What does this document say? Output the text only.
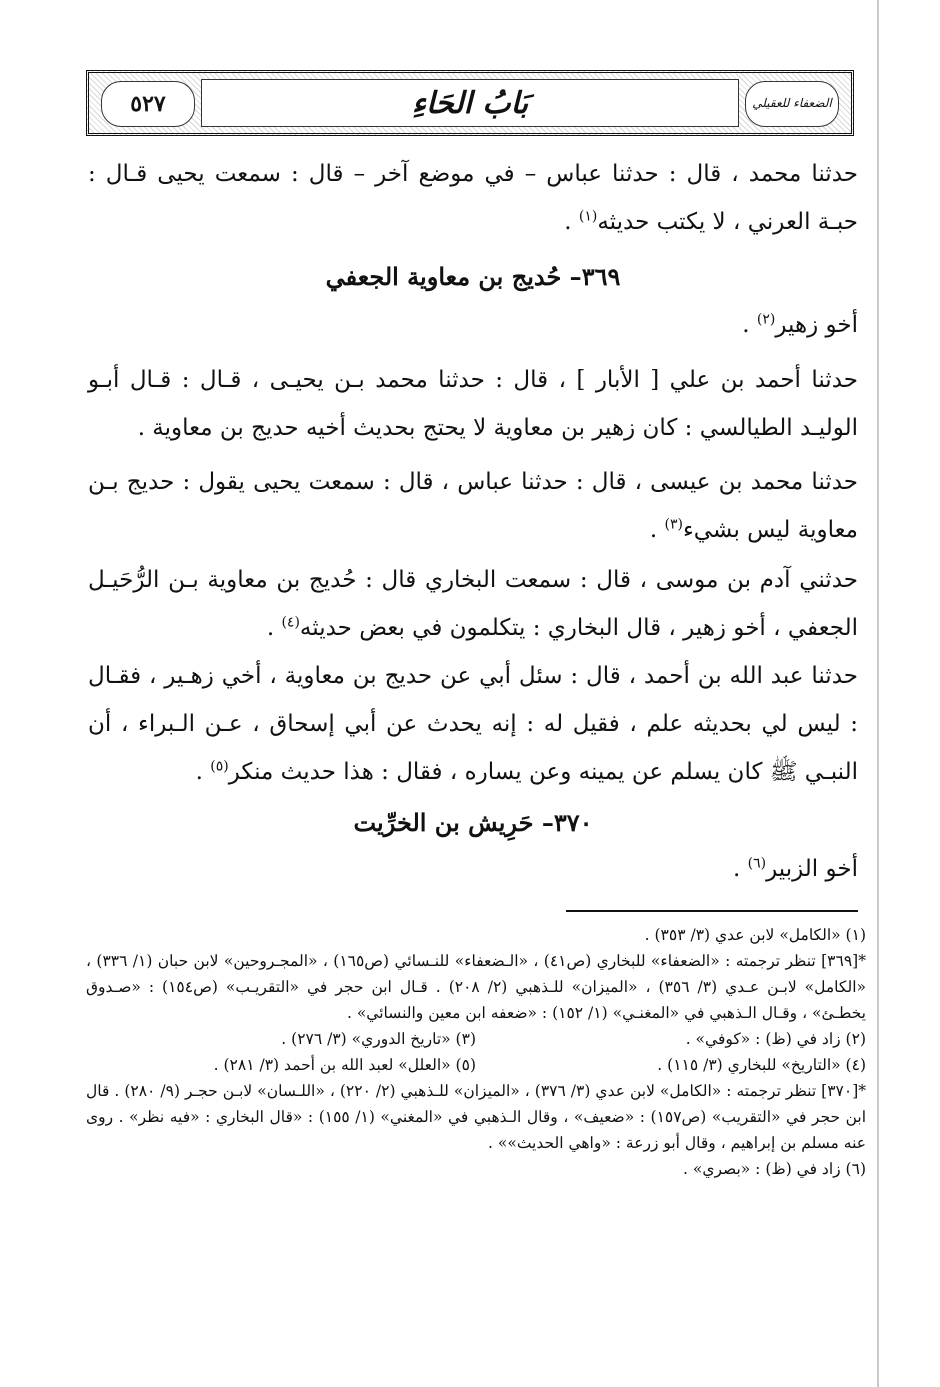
٥٢٧	بَابُ الحَاءِ	الضعفاء للعقيلي

حدثنا محمد ، قال : حدثنا عباس – في موضع آخر – قال : سمعت يحيى قـال : حبـة العرني ، لا يكتب حديثه$^{(١)}$ .

٣٦٩– حُديج بن معاوية الجعفي
أخو زهير$^{(٢)}$ .

حدثنا أحمد بن علي [ الأبار ] ، قال : حدثنا محمد بـن يحيـى ، قـال : قـال أبـو الوليـد الطيالسي : كان زهير بن معاوية لا يحتج بحديث أخيه حديج بن معاوية .

حدثنا محمد بن عيسى ، قال : حدثنا عباس ، قال : سمعت يحيى يقول : حديج بـن معاوية ليس بشيء$^{(٣)}$ .

حدثني آدم بن موسى ، قال : سمعت البخاري قال : حُديج بن معاوية بـن الرُّحَيـل الجعفي ، أخو زهير ، قال البخاري : يتكلمون في بعض حديثه$^{(٤)}$ .

حدثنا عبد الله بن أحمد ، قال : سئل أبي عن حديج بن معاوية ، أخي زهـير ، فقـال : ليس لي بحديثه علم ، فقيل له : إنه يحدث عن أبي إسحاق ، عـن الـبراء ، أن النبـي ﷺ كان يسلم عن يمينه وعن يساره ، فقال : هذا حديث منكر$^{(٥)}$ .

٣٧٠– حَرِيش بن الخرِّيت
أخو الزبير$^{(٦)}$ .

(١) «الكامل» لابن عدي (٣/ ٣٥٣) .

*[٣٦٩] تنظر ترجمته : «الضعفاء» للبخاري (ص٤١) ، «الـضعفاء» للنـسائي (ص١٦٥) ، «المجـروحين» لابن حبان (١/ ٣٣٦) ، «الكامل» لابـن عـدي (٣/ ٣٥٦) ، «الميزان» للـذهبي (٢/ ٢٠٨) . قـال ابن حجر في «التقريـب» (ص١٥٤) : «صـدوق يخطـئ» ، وقـال الـذهبي في «المغنـي» (١/ ١٥٢) : «ضعفه ابن معين والنسائي» .

(٢) زاد في (ظ) : «كوفي» .
(٣) «تاريخ الدوري» (٣/ ٢٧٦) .
(٤) «التاريخ» للبخاري (٣/ ١١٥) .
(٥) «العلل» لعبد الله بن أحمد (٣/ ٢٨١) .

*[٣٧٠] تنظر ترجمته : «الكامل» لابن عدي (٣/ ٣٧٦) ، «الميزان» للـذهبي (٢/ ٢٢٠) ، «اللـسان» لابـن حجـر (٩/ ٢٨٠) . قال ابن حجر في «التقريب» (ص١٥٧) : «ضعيف» ، وقال الـذهبي في «المغني» (١/ ١٥٥) : «قال البخاري : «فيه نظر» . روى عنه مسلم بن إبراهيم ، وقال أبو زرعة : «واهي الحديث»» .

(٦) زاد في (ظ) : «بصري» .
